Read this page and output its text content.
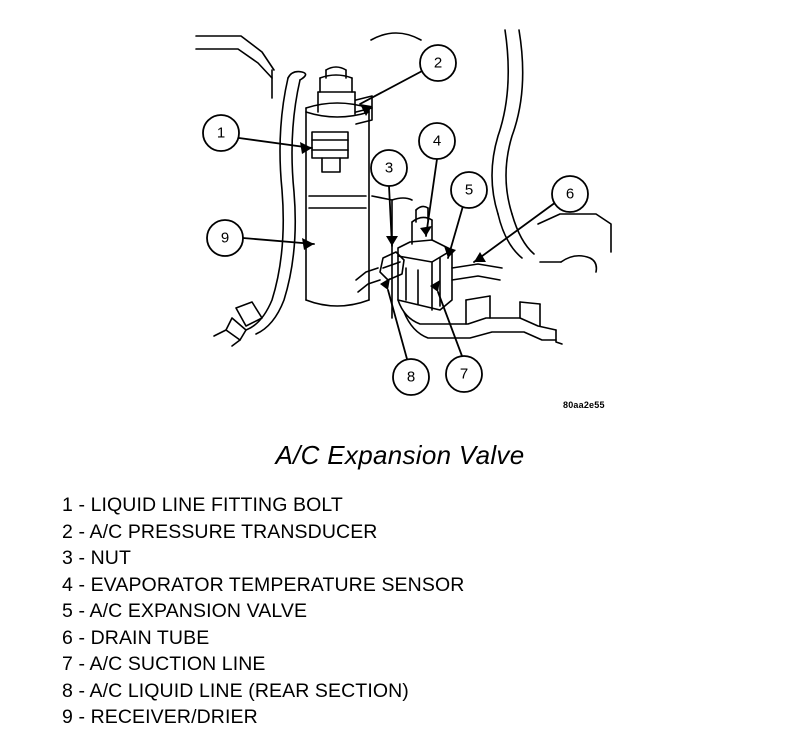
1
2
3
4
5	6
7
8
9
80aa2e55
A/C Expansion Valve
1 - LIQUID LINE FITTING BOLT
2 - A/C PRESSURE TRANSDUCER
3 - NUT
4 - EVAPORATOR TEMPERATURE SENSOR
5 - A/C EXPANSION VALVE
6 - DRAIN TUBE
7 - A/C SUCTION LINE
8 - A/C LIQUID LINE (REAR SECTION)
9 - RECEIVER/DRIER
